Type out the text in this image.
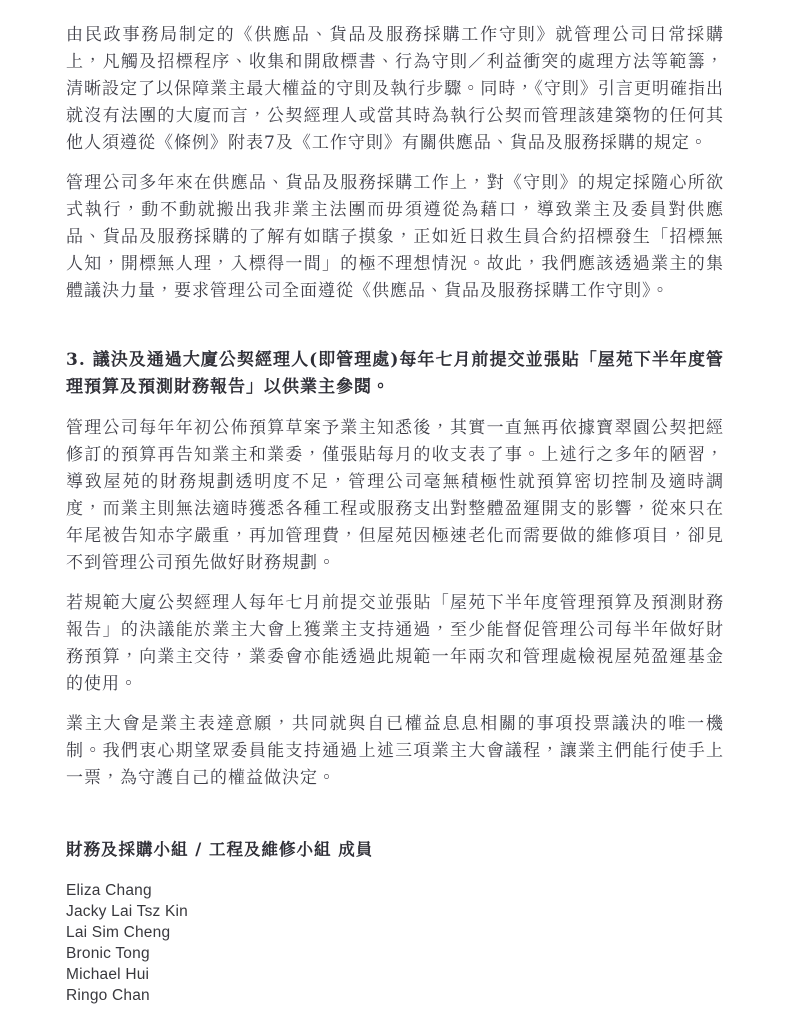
由民政事務局制定的《供應品、貨品及服務採購工作守則》就管理公司日常採購上，凡觸及招標程序、收集和開啟標書、行為守則／利益衝突的處理方法等範籌，清晰設定了以保障業主最大權益的守則及執行步驟。同時，《守則》引言更明確指出就沒有法團的大廈而言，公契經理人或當其時為執行公契而管理該建築物的任何其他人須遵從《條例》附表7及《工作守則》有關供應品、貨品及服務採購的規定。

管理公司多年來在供應品、貨品及服務採購工作上，對《守則》的規定採隨心所欲式執行，動不動就搬出我非業主法團而毋須遵從為藉口，導致業主及委員對供應品、貨品及服務採購的了解有如瞎子摸象，正如近日救生員合約招標發生「招標無人知，開標無人理，入標得一間」的極不理想情況。故此，我們應該透過業主的集體議決力量，要求管理公司全面遵從《供應品、貨品及服務採購工作守則》。

3. 議決及通過大廈公契經理人(即管理處)每年七月前提交並張貼「屋苑下半年度管理預算及預測財務報告」以供業主參閱。

管理公司每年年初公佈預算草案予業主知悉後，其實一直無再依據寶翠園公契把經修訂的預算再告知業主和業委，僅張貼每月的收支表了事。上述行之多年的陋習，導致屋苑的財務規劃透明度不足，管理公司毫無積極性就預算密切控制及適時調度，而業主則無法適時獲悉各種工程或服務支出對整體盈運開支的影響，從來只在年尾被告知赤字嚴重，再加管理費，但屋苑因極速老化而需要做的維修項目，卻見不到管理公司預先做好財務規劃。

若規範大廈公契經理人每年七月前提交並張貼「屋苑下半年度管理預算及預測財務報告」的決議能於業主大會上獲業主支持通過，至少能督促管理公司每半年做好財務預算，向業主交待，業委會亦能透過此規範一年兩次和管理處檢視屋苑盈運基金的使用。

業主大會是業主表達意願，共同就與自已權益息息相關的事項投票議決的唯一機制。我們衷心期望眾委員能支持通過上述三項業主大會議程，讓業主們能行使手上一票，為守護自己的權益做決定。

財務及採購小組 / 工程及維修小組 成員
Eliza Chang
Jacky Lai Tsz Kin
Lai Sim Cheng
Bronic Tong
Michael Hui
Ringo Chan
